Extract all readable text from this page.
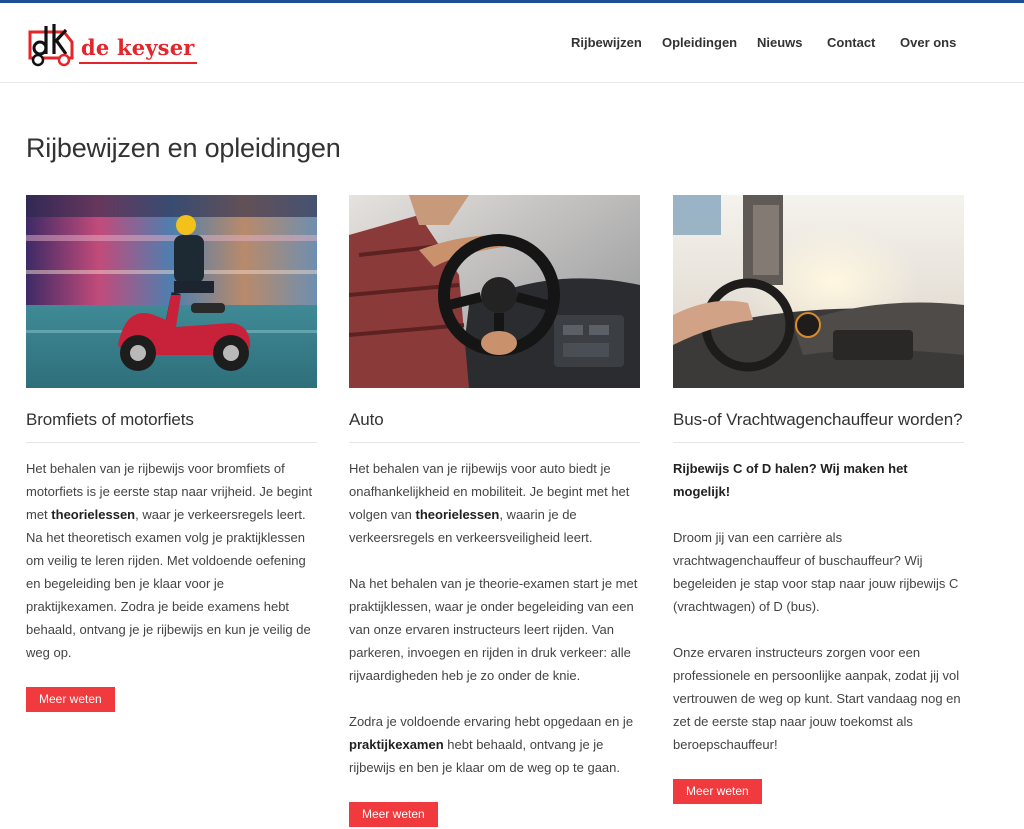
de keyser	Rijbewijzen Opleidingen Nieuws Contact Over ons
Rijbewijzen en opleidingen
Bromfiets of motorfiets

Het behalen van je rijbewijs voor bromfiets of motorfiets is je eerste stap naar vrijheid. Je begint met theorielessen, waar je verkeersregels leert. Na het theoretisch examen volg je praktijklessen om veilig te leren rijden. Met voldoende oefening en begeleiding ben je klaar voor je praktijkexamen. Zodra je beide examens hebt behaald, ontvang je je rijbewijs en kun je veilig de weg op.

Meer weten
Auto

Het behalen van je rijbewijs voor auto biedt je onafhankelijkheid en mobiliteit. Je begint met het volgen van theorielessen, waarin je de verkeersregels en verkeersveiligheid leert.

Na het behalen van je theorie-examen start je met praktijklessen, waar je onder begeleiding van een van onze ervaren instructeurs leert rijden. Van parkeren, invoegen en rijden in druk verkeer: alle rijvaardigheden heb je zo onder de knie.

Zodra je voldoende ervaring hebt opgedaan en je praktijkexamen hebt behaald, ontvang je je rijbewijs en ben je klaar om de weg op te gaan.

Meer weten
Bus-of Vrachtwagenchauffeur worden?

Rijbewijs C of D halen? Wij maken het mogelijk!

Droom jij van een carrière als vrachtwagenchauffeur of buschauffeur? Wij begeleiden je stap voor stap naar jouw rijbewijs C (vrachtwagen) of D (bus).

Onze ervaren instructeurs zorgen voor een professionele en persoonlijke aanpak, zodat jij vol vertrouwen de weg op kunt. Start vandaag nog en zet de eerste stap naar jouw toekomst als beroepschauffeur!

Meer weten
